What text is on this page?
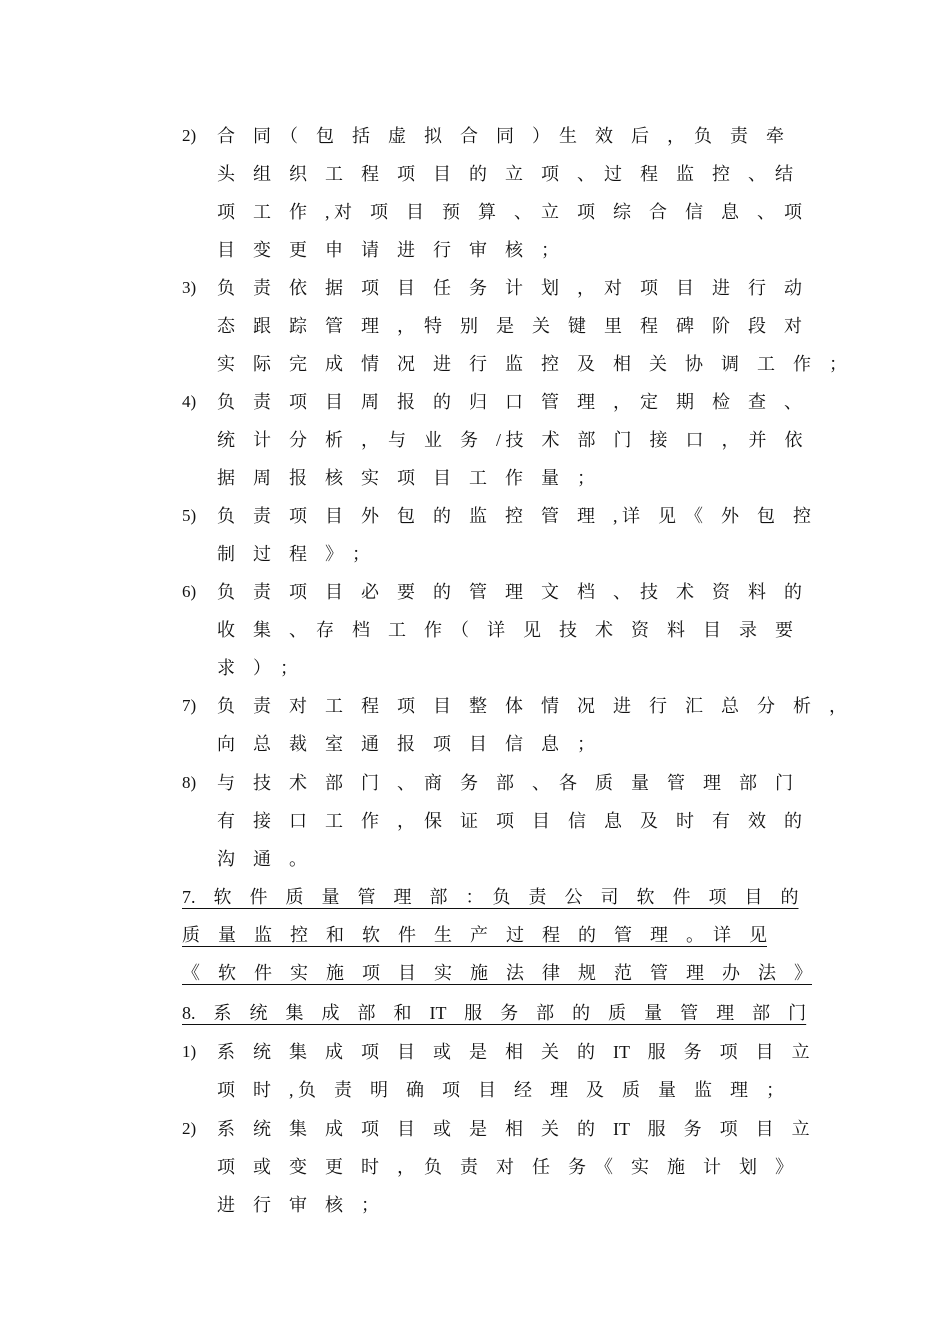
2) 合　同　（　包　括　虚　拟　合　同　）　生　效　后　，　负　责　牵
头　组　织　工　程　项　目　的　立　项　、　过　程　监　控　、　结
项　工　作　, 对　项　目　预　算　、　立　项　综　合　信　息　、　项
目　变　更　申　请　进　行　审　核　；
3) 负　责　依　据　项　目　任　务　计　划　，　对　项　目　进　行　动
态　跟　踪　管　理　，　特　别　是　关　键　里　程　碑　阶　段　对
实　际　完　成　情　况　进　行　监　控　及　相　关　协　调　工　作　；
4) 负　责　项　目　周　报　的　归　口　管　理　，　定　期　检　查　、
统　计　分　析　，　与　业　务　/ 技　术　部　门　接　口　，　并　依
据　周　报　核　实　项　目　工　作　量　；
5) 负　责　项　目　外　包　的　监　控　管　理　, 详　见　《　外　包　控
制　过　程　》　；
6) 负　责　项　目　必　要　的　管　理　文　档　、　技　术　资　料　的
收　集　、　存　档　工　作　（　详　见　技　术　资　料　目　录　要
求　）　；
7) 负　责　对　工　程　项　目　整　体　情　况　进　行　汇　总　分　析　，
向　总　裁　室　通　报　项　目　信　息　；
8) 与　技　术　部　门　、　商　务　部　、　各　质　量　管　理　部　门
有　接　口　工　作　，　保　证　项　目　信　息　及　时　有　效　的
沟　通　。
7.　软　件　质　量　管　理　部　：　负　责　公　司　软　件　项　目　的
质　量　监　控　和　软　件　生　产　过　程　的　管　理　。　详　见
《　软　件　实　施　项　目　实　施　法　律　规　范　管　理　办　法　》
8.　系　统　集　成　部　和　IT　服　务　部　的　质　量　管　理　部　门
1) 系　统　集　成　项　目　或　是　相　关　的　IT　服　务　项　目　立
项　时　, 负　责　明　确　项　目　经　理　及　质　量　监　理　；
2) 系　统　集　成　项　目　或　是　相　关　的　IT　服　务　项　目　立
项　或　变　更　时　，　负　责　对　任　务　《　实　施　计　划　》
进　行　审　核　；
